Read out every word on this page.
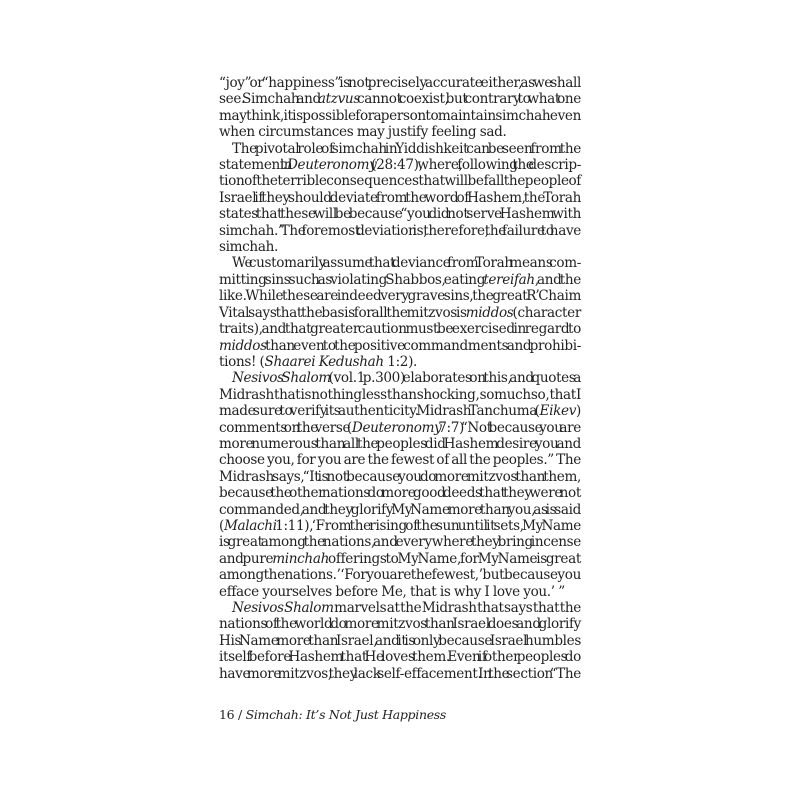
“joy” or “happiness” is not precisely accurate either, as we shall
see. Simchah and atzvus cannot coexist, but contrary to what one
may think, it is possible for a person to maintain simchah even
when circumstances may justify feeling sad.
The pivotal role of simchah in Yiddishkeit can be seen from the
statement in Deuteronomy (28:47), where, following the descrip-
tion of the terrible consequences that will befall the people of
Israel if they should deviate from the word of Hashem, the Torah
states that these will be because “you did not serve Hashem with
simchah.” The foremost deviation is, therefore, the failure to have
simchah.
We customarily assume that deviance from Torah means com-
mitting sins such as violating Shabbos, eating tereifah, and the
like. While these are indeed very grave sins, the great R’ Chaim
Vital says that the basis for all the mitzvos is middos (character
traits), and that greater caution must be exercised in regard to
middos than even to the positive commandments and prohibi-
tions! (Shaarei Kedushah 1:2).
Nesivos Shalom (vol.1 p.300) elaborates on this, and quotes a
Midrash that is nothing less than shocking, so much so, that I
made sure to verify its authenticity. Midrash Tanchuma (Eikev)
comments on the verse (Deuteronomy 7:7) “Not because you are
more numerous than all the peoples did Hashem desire you and
choose you, for you are the fewest of all the peoples.” The
Midrash says, “It is not because you do more mitzvos than them,
because the other nations do more good deeds that they were not
commanded, and they glorify My Name more than you, as is said
(Malachi 1:11), ‘From the rising of the sun until it sets, My Name
is great among the nations, and everywhere they bring incense
and pure minchah offerings to My Name, for My Name is great
among the nations.’ ‘For you are the fewest,’ but because you
efface yourselves before Me, that is why I love you.’ ”
Nesivos Shalom marvels at the Midrash that says that the
nations of the world do more mitzvos than Israel does and glorify
His Name more than Israel, and it is only because Israel humbles
itself before Hashem that He loves them. Even if other peoples do
have more mitzvos, they lack self-effacement. In the section “The
16 / Simchah: It’s Not Just Happiness
